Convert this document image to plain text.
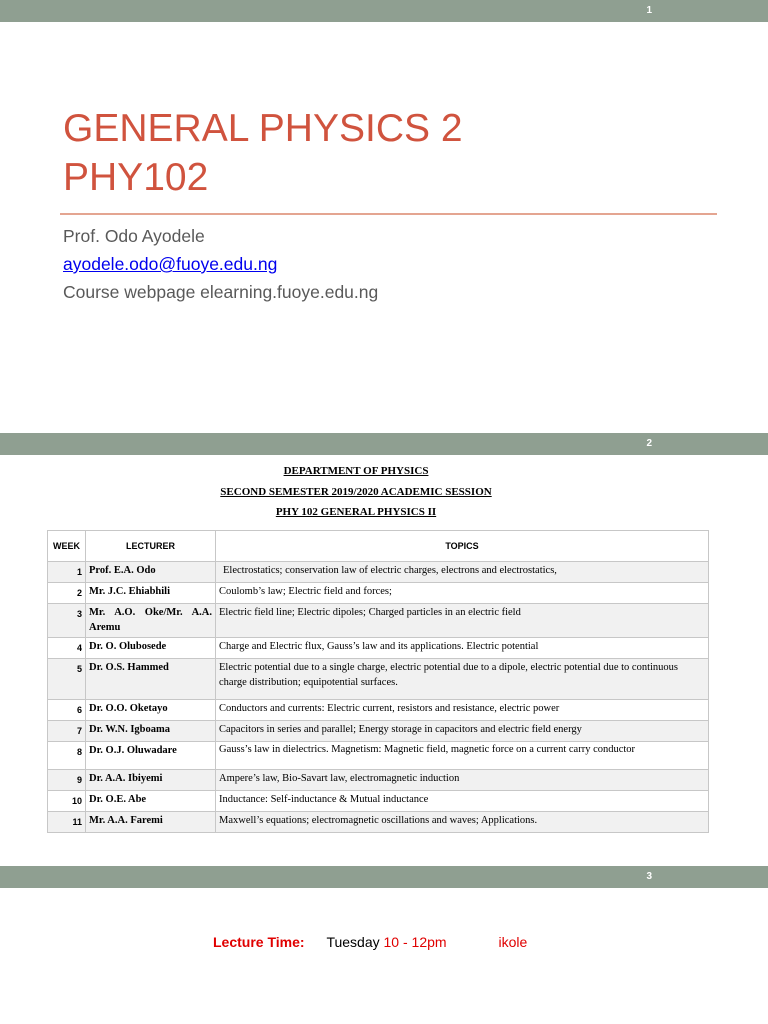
1
GENERAL PHYSICS 2
PHY102
Prof. Odo Ayodele
ayodele.odo@fuoye.edu.ng
Course webpage elearning.fuoye.edu.ng
2
DEPARTMENT OF PHYSICS
SECOND SEMESTER 2019/2020 ACADEMIC SESSION
PHY 102 GENERAL PHYSICS II
WEEK	LECTURER	TOPICS
1	Prof. E.A. Odo	Electrostatics; conservation law of electric charges, electrons and electrostatics,
2	Mr. J.C. Ehiabhili	Coulomb’s law; Electric field and forces;
3	Mr. A.O. Oke/Mr. A.A. Aremu	Electric field line; Electric dipoles; Charged particles in an electric field
4	Dr. O. Olubosede	Charge and Electric flux, Gauss’s law and its applications. Electric potential
5	Dr. O.S. Hammed	Electric potential due to a single charge, electric potential due to a dipole, electric potential due to continuous charge distribution; equipotential surfaces.
6	Dr. O.O. Oketayo	Conductors and currents: Electric current, resistors and resistance, electric power
7	Dr. W.N. Igboama	Capacitors in series and parallel; Energy storage in capacitors and electric field energy
8	Dr. O.J. Oluwadare	Gauss’s law in dielectrics. Magnetism: Magnetic field, magnetic force on a current carry conductor
9	Dr. A.A. Ibiyemi	Ampere’s law, Bio-Savart law, electromagnetic induction
10	Dr. O.E. Abe	Inductance: Self-inductance & Mutual inductance
11	Mr. A.A. Faremi	Maxwell’s equations; electromagnetic oscillations and waves; Applications.
3
Lecture Time: Tuesday 10 - 12pm	ikole
